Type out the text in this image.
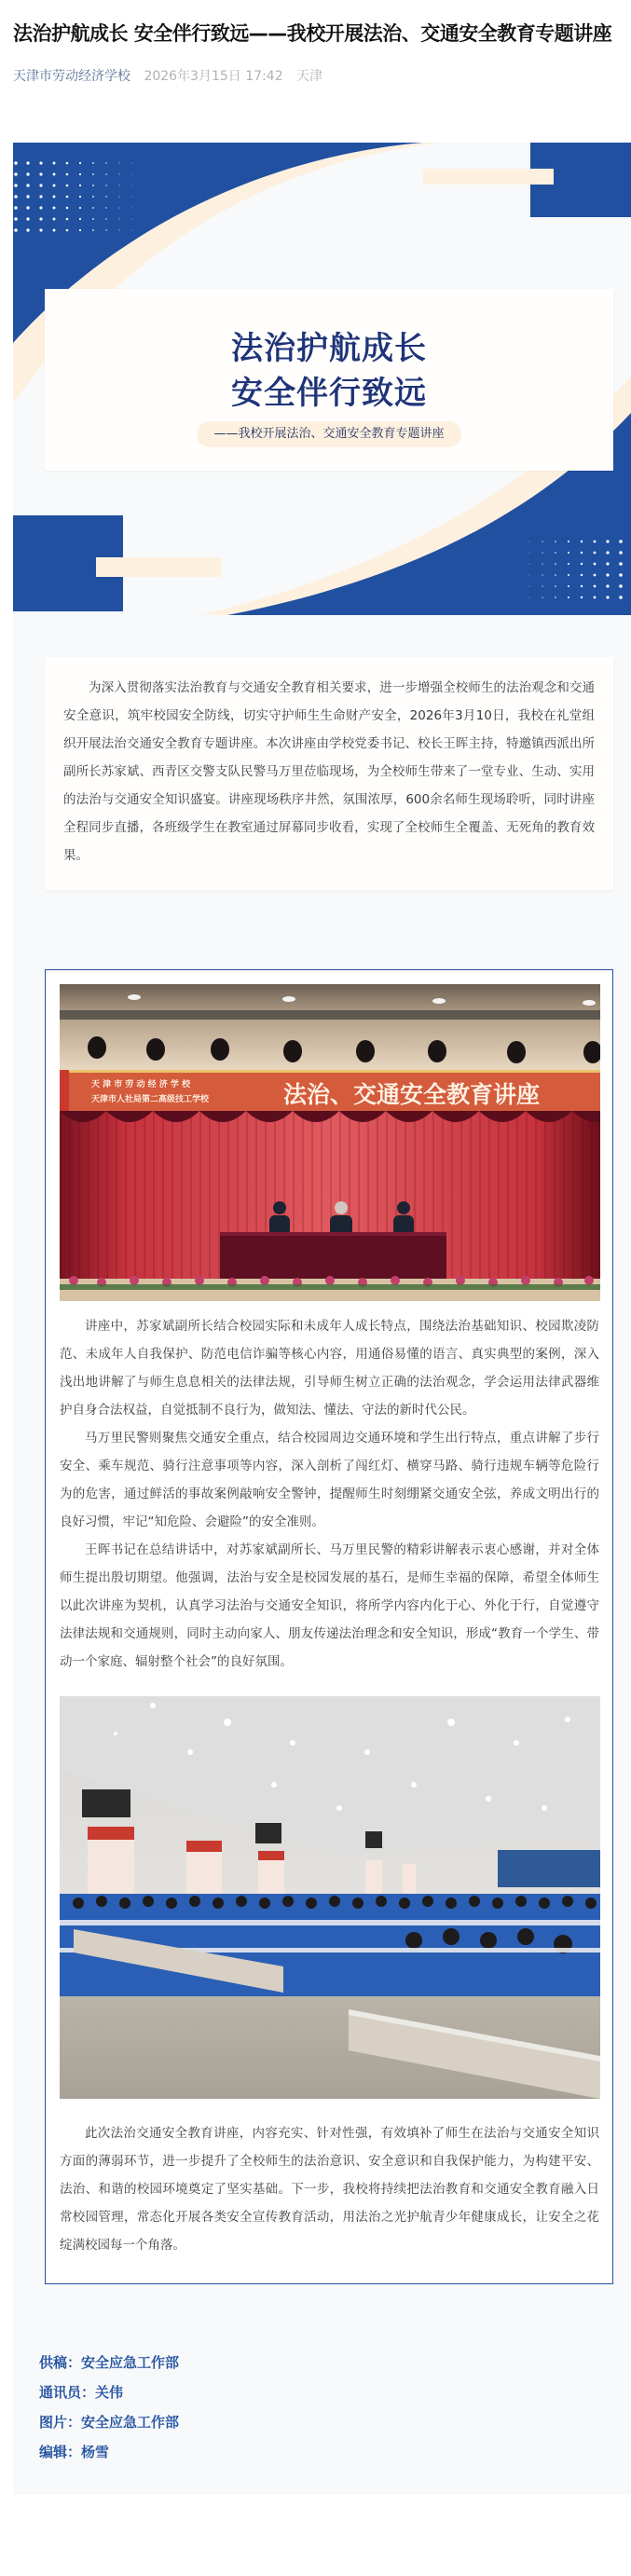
法治护航成长 安全伴行致远——我校开展法治、交通安全教育专题讲座
天津市劳动经济学校 2026年3月15日 17:42 天津
法治护航成长
安全伴行致远
——我校开展法治、交通安全教育专题讲座

为深入贯彻落实法治教育与交通安全教育相关要求，进一步增强全校师生的法治观念和交通安全意识，筑牢校园安全防线，切实守护师生生命财产安全，2026年3月10日，我校在礼堂组织开展法治交通安全教育专题讲座。本次讲座由学校党委书记、校长王晖主持，特邀镇西派出所副所长苏家斌、西青区交警支队民警马万里莅临现场，为全校师生带来了一堂专业、生动、实用的法治与交通安全知识盛宴。讲座现场秩序井然，氛围浓厚，600余名师生现场聆听，同时讲座全程同步直播，各班级学生在教室通过屏幕同步收看，实现了全校师生全覆盖、无死角的教育效果。

天 津 市 劳 动 经 济 学 校
天津市人社局第二高级技工学校	法治、交通安全教育讲座

讲座中，苏家斌副所长结合校园实际和未成年人成长特点，围绕法治基础知识、校园欺凌防范、未成年人自我保护、防范电信诈骗等核心内容，用通俗易懂的语言、真实典型的案例，深入浅出地讲解了与师生息息相关的法律法规，引导师生树立正确的法治观念，学会运用法律武器维护自身合法权益，自觉抵制不良行为，做知法、懂法、守法的新时代公民。

马万里民警则聚焦交通安全重点，结合校园周边交通环境和学生出行特点，重点讲解了步行安全、乘车规范、骑行注意事项等内容，深入剖析了闯红灯、横穿马路、骑行违规车辆等危险行为的危害，通过鲜活的事故案例敲响安全警钟，提醒师生时刻绷紧交通安全弦，养成文明出行的良好习惯，牢记“知危险、会避险”的安全准则。

王晖书记在总结讲话中，对苏家斌副所长、马万里民警的精彩讲解表示衷心感谢，并对全体师生提出殷切期望。他强调，法治与安全是校园发展的基石，是师生幸福的保障，希望全体师生以此次讲座为契机，认真学习法治与交通安全知识，将所学内容内化于心、外化于行，自觉遵守法律法规和交通规则，同时主动向家人、朋友传递法治理念和安全知识，形成“教育一个学生、带动一个家庭、辐射整个社会”的良好氛围。

此次法治交通安全教育讲座，内容充实、针对性强，有效填补了师生在法治与交通安全知识方面的薄弱环节，进一步提升了全校师生的法治意识、安全意识和自我保护能力，为构建平安、法治、和谐的校园环境奠定了坚实基础。下一步，我校将持续把法治教育和交通安全教育融入日常校园管理，常态化开展各类安全宣传教育活动，用法治之光护航青少年健康成长，让安全之花绽满校园每一个角落。

供稿：安全应急工作部
通讯员：关伟
图片：安全应急工作部
编辑：杨雪
